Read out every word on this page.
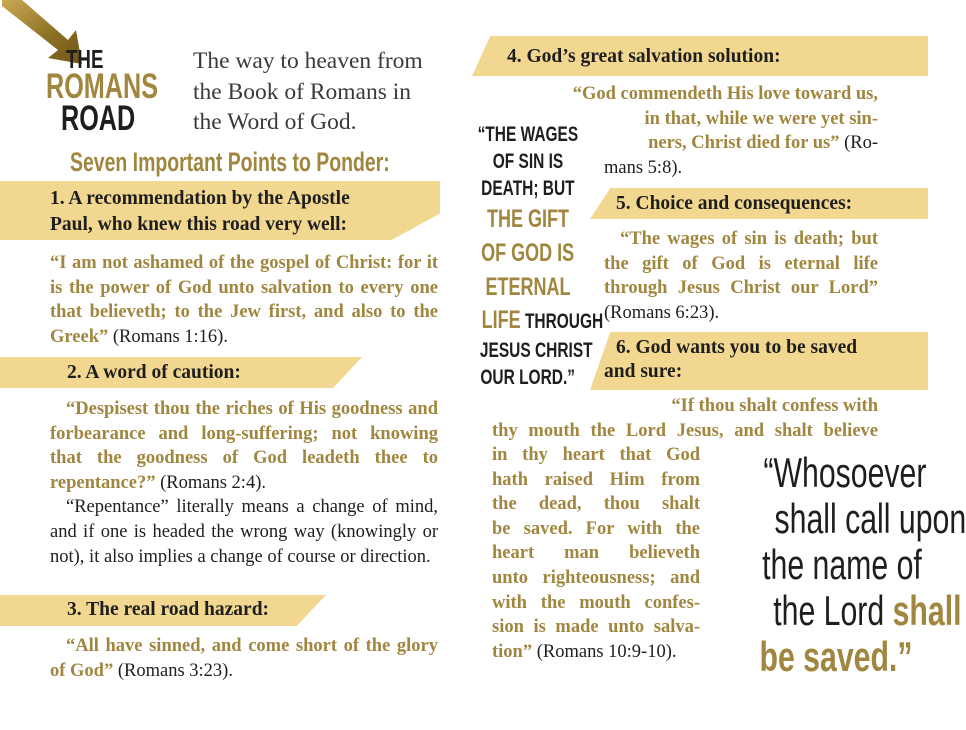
THE
ROMANS
ROAD
The way to heaven from
the Book of Romans in
the Word of God.
Seven Important Points to Ponder:
1. A recommendation by the Apostle
Paul, who knew this road very well:

“I am not ashamed of the gospel of Christ: for it is the power of God unto salvation to every one that believeth; to the Jew first, and also to the Greek” (Romans 1:16).

2. A word of caution:

“Despisest thou the riches of His goodness and forbearance and long-suffering; not knowing that the goodness of God leadeth thee to repentance?” (Romans 2:4).

“Repentance” literally means a change of mind, and if one is headed the wrong way (knowingly or not), it also implies a change of course or direction.

3. The real road hazard:

“All have sinned, and come short of the glory of God” (Romans 3:23).

“THE WAGES
OF SIN IS
DEATH; BUT
THE GIFT
OF GOD IS
ETERNAL
LIFE THROUGH
JESUS CHRIST
OUR LORD.”
4. God’s great salvation solution:
“God commendeth His love toward us,
in that, while we were yet sin-
ners, Christ died for us” (Ro-
mans 5:8).
5. Choice and consequences:

“The wages of sin is death; but the gift of God is eternal life through Jesus Christ our Lord” (Romans 6:23).

6. God wants you to be saved
and sure:
“If thou shalt confess with
thy mouth the Lord Jesus, and shalt believe
in thy heart that God
hath raised Him from
the dead, thou shalt
be saved. For with the
heart man believeth
unto righteousness; and
with the mouth confes-
sion is made unto salva-
tion” (Romans 10:9-10).
“Whosoever
shall call upon
the name of
the Lord shall
be saved.”
